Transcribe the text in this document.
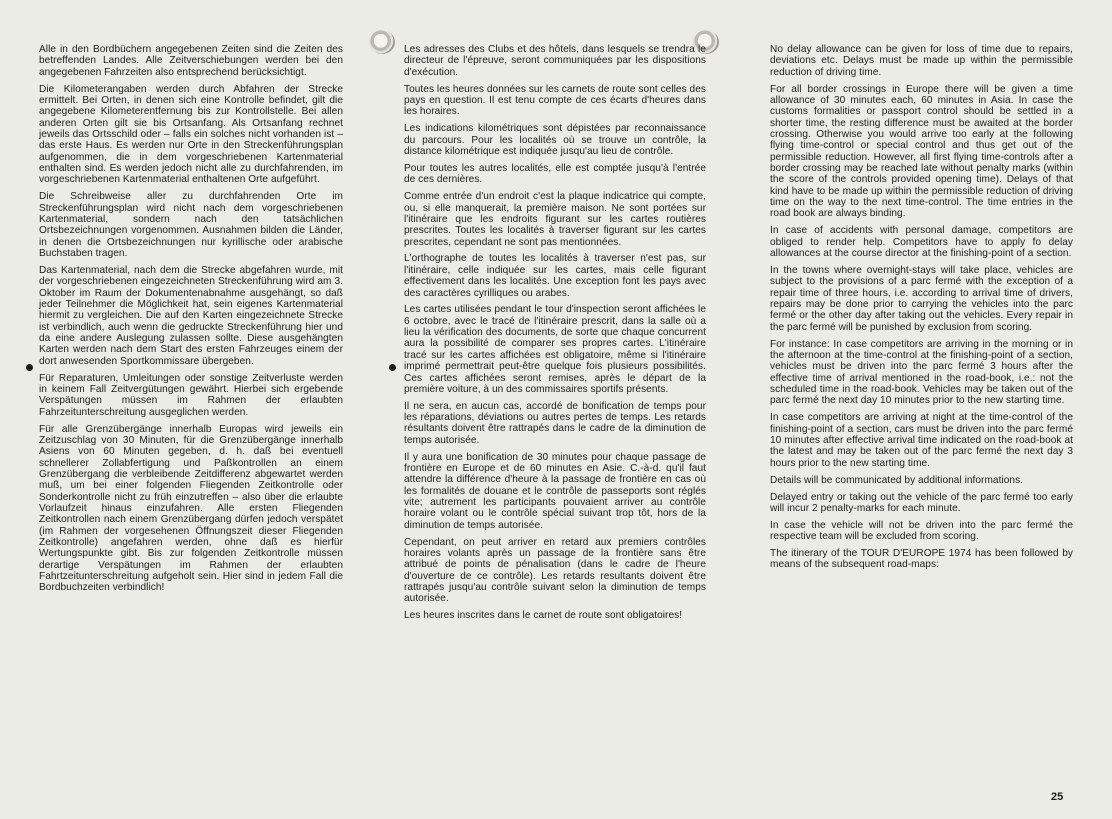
Alle in den Bordbüchern angegebenen Zeiten sind die Zeiten des betreffenden Landes. Alle Zeitverschiebungen werden bei den angegebenen Fahrzeiten also entsprechend berücksichtigt.

Die Kilometerangaben werden durch Abfahren der Strecke ermittelt. Bei Orten, in denen sich eine Kontrolle befindet, gilt die angegebene Kilometerentfernung bis zur Kontrollstelle. Bei allen anderen Orten gilt sie bis Ortsanfang. Als Ortsanfang rechnet jeweils das Ortsschild oder – falls ein solches nicht vorhanden ist – das erste Haus. Es werden nur Orte in den Streckenführungsplan aufgenommen, die in dem vorgeschriebenen Kartenmaterial enthalten sind. Es werden jedoch nicht alle zu durchfahrenden, im vorgeschriebenen Kartenmaterial enthaltenen Orte aufgeführt.

Die Schreibweise aller zu durchfahrenden Orte im Streckenführungsplan wird nicht nach dem vorgeschriebenen Kartenmaterial, sondern nach den tatsächlichen Ortsbezeichnungen vorgenommen. Ausnahmen bilden die Länder, in denen die Ortsbezeichnungen nur kyrillische oder arabische Buchstaben tragen.

Das Kartenmaterial, nach dem die Strecke abgefahren wurde, mit der vorgeschriebenen eingezeichneten Streckenführung wird am 3. Oktober im Raum der Dokumentenabnahme ausgehängt, so daß jeder Teilnehmer die Möglichkeit hat, sein eigenes Kartenmaterial hiermit zu vergleichen. Die auf den Karten eingezeichnete Strecke ist verbindlich, auch wenn die gedruckte Streckenführung hier und da eine andere Auslegung zulassen sollte. Diese ausgehängten Karten werden nach dem Start des ersten Fahrzeuges einem der dort anwesenden Sportkommissare übergeben.

Für Reparaturen, Umleitungen oder sonstige Zeitverluste werden in keinem Fall Zeitvergütungen gewährt. Hierbei sich ergebende Verspätungen müssen im Rahmen der erlaubten Fahrzeitunterschreitung ausgeglichen werden.

Für alle Grenzübergänge innerhalb Europas wird jeweils ein Zeitzuschlag von 30 Minuten, für die Grenzübergänge innerhalb Asiens von 60 Minuten gegeben, d. h. daß bei eventuell schnellerer Zollabfertigung und Paßkontrollen an einem Grenzübergang die verbleibende Zeitdifferenz abgewartet werden muß, um bei einer folgenden Fliegenden Zeitkontrolle oder Sonderkontrolle nicht zu früh einzutreffen – also über die erlaubte Vorlaufzeit hinaus einzufahren. Alle ersten Fliegenden Zeitkontrollen nach einem Grenzübergang dürfen jedoch verspätet (im Rahmen der vorgesehenen Öffnungszeit dieser Fliegenden Zeitkontrolle) angefahren werden, ohne daß es hierfür Wertungspunkte gibt. Bis zur folgenden Zeitkontrolle müssen derartige Verspätungen im Rahmen der erlaubten Fahrtzeitunterschreitung aufgeholt sein. Hier sind in jedem Fall die Bordbuchzeiten verbindlich!

Les adresses des Clubs et des hôtels, dans lesquels se trendra le directeur de l'épreuve, seront communiquées par les dispositions d'exécution.

Toutes les heures données sur les carnets de route sont celles des pays en question. Il est tenu compte de ces écarts d'heures dans les horaires.

Les indications kilométriques sont dépistées par reconnaissance du parcours. Pour les localités où se trouve un contrôle, la distance kilométrique est indiquée jusqu'au lieu de contrôle.

Pour toutes les autres localités, elle est comptée jusqu'à l'entrée de ces dernières.

Comme entrée d'un endroit c'est la plaque indicatrice qui compte, ou, si elle manquerait, la première maison. Ne sont portées sur l'itinéraire que les endroits figurant sur les cartes routières prescrites. Toutes les localités à traverser figurant sur les cartes prescrites, cependant ne sont pas mentionnées.

L'orthographe de toutes les localités à traverser n'est pas, sur l'itinéraire, celle indiquée sur les cartes, mais celle figurant effectivement dans les localités. Une exception font les pays avec des caractères cyrilliques ou arabes.

Les cartes utilisées pendant le tour d'inspection seront affichées le 6 octobre, avec le tracé de l'itinéraire prescrit, dans la salle où a lieu la vérification des documents, de sorte que chaque concurrent aura la possibilité de comparer ses propres cartes. L'itinéraire tracé sur les cartes affichées est obligatoire, même si l'itinéraire imprimé permettrait peut-être quelque fois plusieurs possibilités. Ces cartes affichées seront remises, après le départ de la première voiture, à un des commissaires sportifs présents.

Il ne sera, en aucun cas, accordé de bonification de temps pour les réparations, déviations ou autres pertes de temps. Les retards résultants doivent être rattrapés dans le cadre de la diminution de temps autorisée.

Il y aura une bonification de 30 minutes pour chaque passage de frontière en Europe et de 60 minutes en Asie. C.-à-d. qu'il faut attendre la différence d'heure à la passage de frontière en cas où les formalités de douane et le contrôle de passeports sont réglés vite; autrement les participants pouvaient arriver au contrôle horaire volant ou le contrôle spécial suivant trop tôt, hors de la diminution de temps autorisée.

Cependant, on peut arriver en retard aux premiers contrôles horaires volants après un passage de la frontière sans être attribué de points de pénalisation (dans le cadre de l'heure d'ouverture de ce contrôle). Les retards resultants doivent être rattrapés jusqu'au contrôle suivant selon la diminution de temps autorisée.

Les heures inscrites dans le carnet de route sont obligatoires!

No delay allowance can be given for loss of time due to repairs, deviations etc. Delays must be made up within the permissible reduction of driving time.

For all border crossings in Europe there will be given a time allowance of 30 minutes each, 60 minutes in Asia. In case the customs formalities or passport control should be settled in a shorter time, the resting difference must be awaited at the border crossing. Otherwise you would arrive too early at the following flying time-control or special control and thus get out of the permissible reduction. However, all first flying time-controls after a border crossing may be reached late without penalty marks (within the score of the controls provided opening time). Delays of that kind have to be made up within the permissible reduction of driving time on the way to the next time-control. The time entries in the road book are always binding.

In case of accidents with personal damage, competitors are obliged to render help. Competitors have to apply fo delay allowances at the course director at the finishing-point of a section.

In the towns where overnight-stays will take place, vehicles are subject to the provisions of a parc fermé with the exception of a repair time of three hours, i.e. according to arrival time of drivers, repairs may be done prior to carrying the vehicles into the parc fermé or the other day after taking out the vehicles. Every repair in the parc fermé will be punished by exclusion from scoring.

For instance: In case competitors are arriving in the morning or in the afternoon at the time-control at the finishing-point of a section, vehicles must be driven into the parc fermé 3 hours after the effective time of arrival mentioned in the road-book, i.e.: not the scheduled time in the road-book. Vehicles may be taken out of the parc fermé the next day 10 minutes prior to the new starting time.

In case competitors are arriving at night at the time-control of the finishing-point of a section, cars must be driven into the parc fermé 10 minutes after effective arrival time indicated on the road-book at the latest and may be taken out of the parc fermé the next day 3 hours prior to the new starting time.

Details will be communicated by additional informations.

Delayed entry or taking out the vehicle of the parc fermé too early will incur 2 penalty-marks for each minute.

In case the vehicle will not be driven into the parc fermé the respective team will be excluded from scoring.

The itinerary of the TOUR D'EUROPE 1974 has been followed by means of the subsequent road-maps:

25
